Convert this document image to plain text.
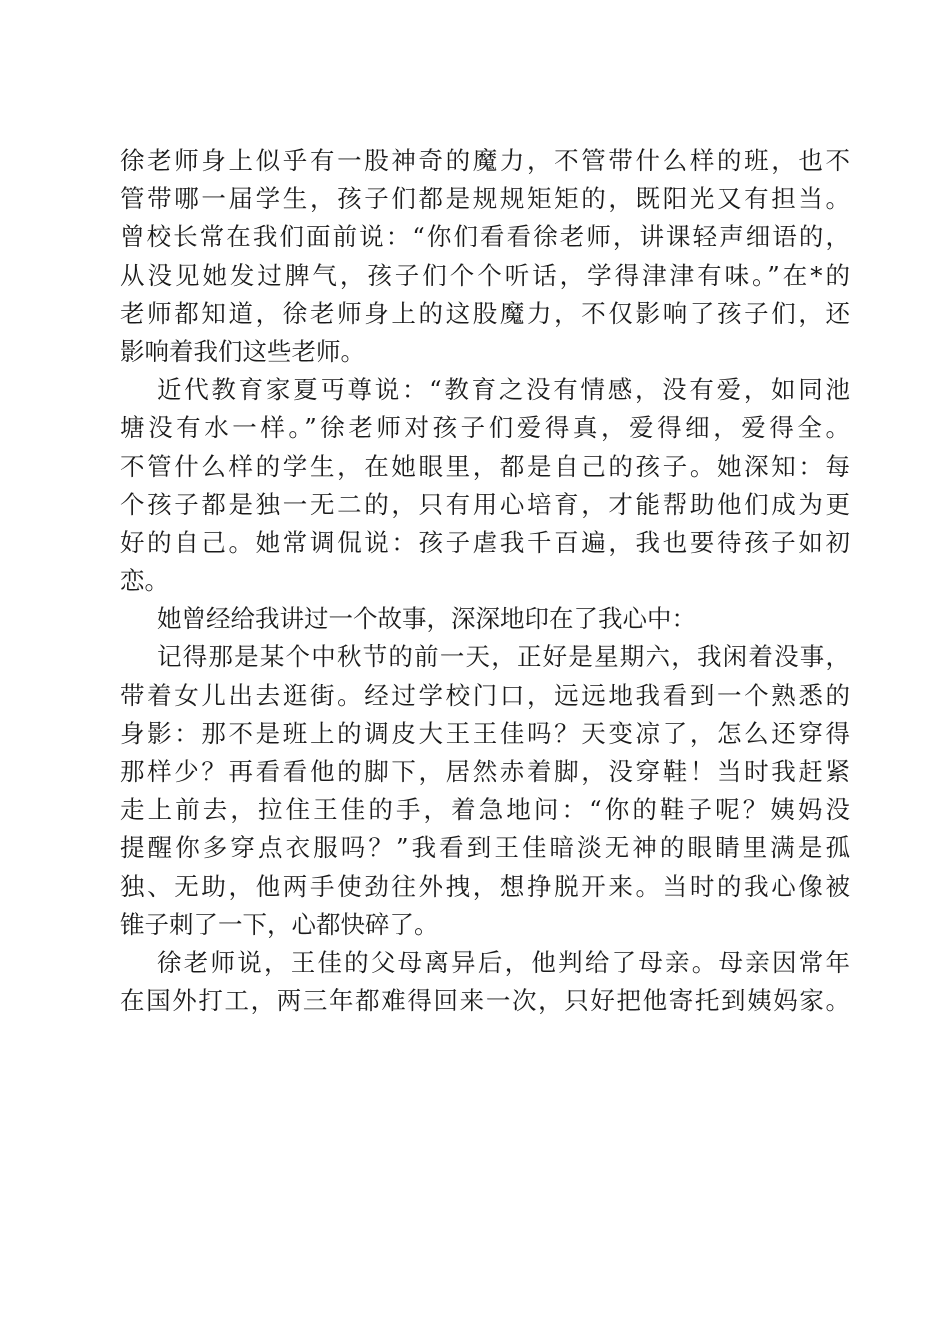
徐老师身上似乎有一股神奇的魔力，不管带什么样的班，也不
管带哪一届学生，孩子们都是规规矩矩的，既阳光又有担当。
曾校长常在我们面前说：“你们看看徐老师，讲课轻声细语的，
从没见她发过脾气，孩子们个个听话，学得津津有味。”在*的
老师都知道，徐老师身上的这股魔力，不仅影响了孩子们，还
影响着我们这些老师。
近代教育家夏丏尊说：“教育之没有情感，没有爱，如同池
塘没有水一样。”徐老师对孩子们爱得真，爱得细，爱得全。
不管什么样的学生，在她眼里，都是自己的孩子。她深知：每
个孩子都是独一无二的，只有用心培育，才能帮助他们成为更
好的自己。她常调侃说：孩子虐我千百遍，我也要待孩子如初
恋。
她曾经给我讲过一个故事，深深地印在了我心中：
记得那是某个中秋节的前一天，正好是星期六，我闲着没事，
带着女儿出去逛街。经过学校门口，远远地我看到一个熟悉的
身影：那不是班上的调皮大王王佳吗？天变凉了，怎么还穿得
那样少？再看看他的脚下，居然赤着脚，没穿鞋！当时我赶紧
走上前去，拉住王佳的手，着急地问：“你的鞋子呢？姨妈没
提醒你多穿点衣服吗？”我看到王佳暗淡无神的眼睛里满是孤
独、无助，他两手使劲往外拽，想挣脱开来。当时的我心像被
锥子刺了一下，心都快碎了。
徐老师说，王佳的父母离异后，他判给了母亲。母亲因常年
在国外打工，两三年都难得回来一次，只好把他寄托到姨妈家。
